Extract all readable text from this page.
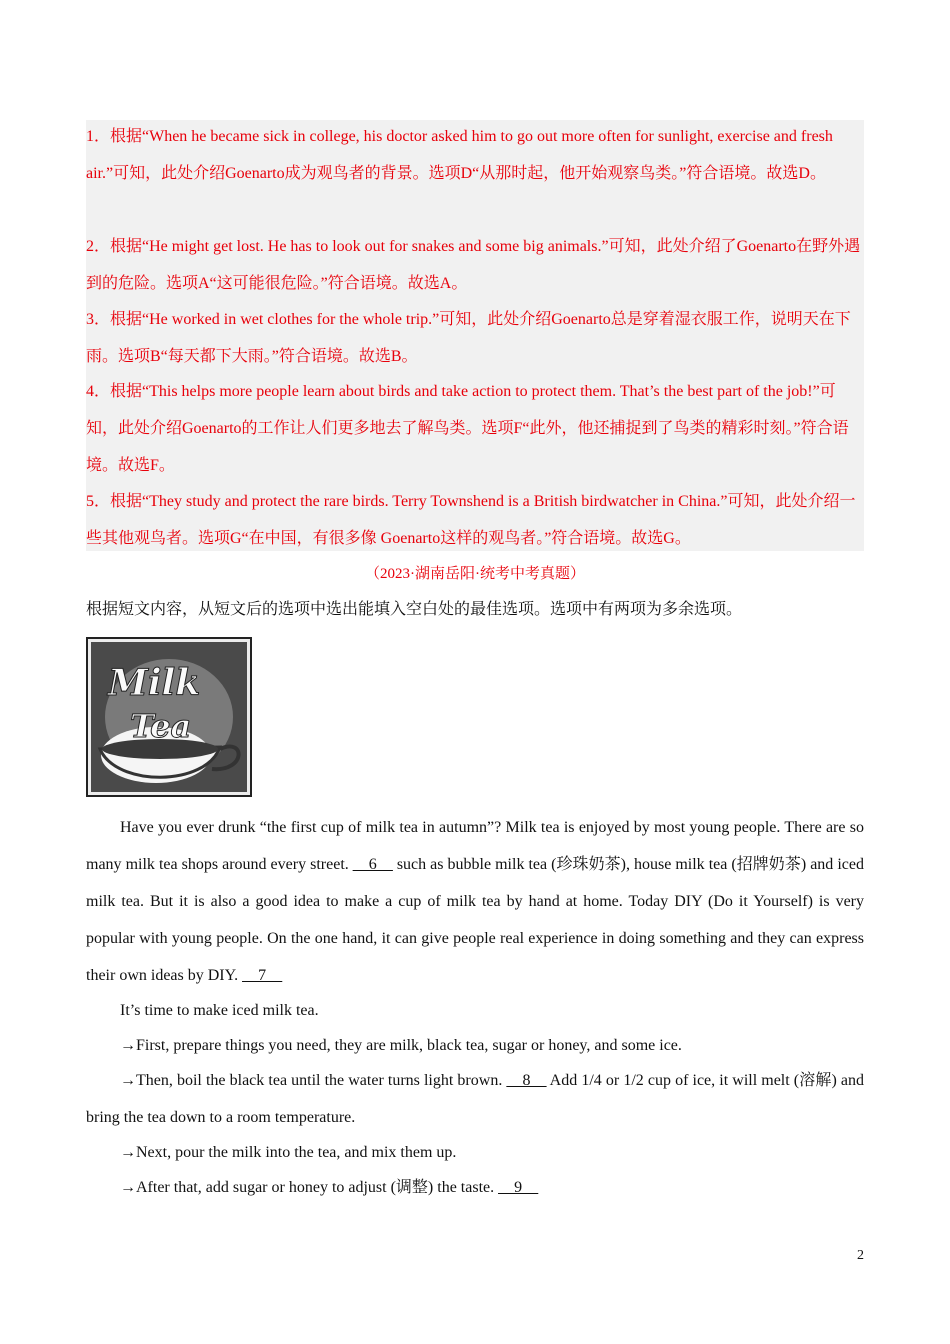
1．根据“When he became sick in college, his doctor asked him to go out more often for sunlight, exercise and fresh air.”可知，此处介绍Goenarto成为观鸟者的背景。选项D“从那时起，他开始观察鸟类。”符合语境。故选D。

2．根据“He might get lost. He has to look out for snakes and some big animals.”可知，此处介绍了Goenarto在野外遇到的危险。选项A“这可能很危险。”符合语境。故选A。

3．根据“He worked in wet clothes for the whole trip.”可知，此处介绍Goenarto总是穿着湿衣服工作，说明天在下雨。选项B“每天都下大雨。”符合语境。故选B。

4．根据“This helps more people learn about birds and take action to protect them. That’s the best part of the job!”可知，此处介绍Goenarto的工作让人们更多地去了解鸟类。选项F“此外，他还捕捉到了鸟类的精彩时刻。”符合语境。故选F。

5．根据“They study and protect the rare birds. Terry Townshend is a British birdwatcher in China.”可知，此处介绍一些其他观鸟者。选项G“在中国，有很多像 Goenarto这样的观鸟者。”符合语境。故选G。

（2023·湖南岳阳·统考中考真题）
根据短文内容，从短文后的选项中选出能填入空白处的最佳选项。选项中有两项为多余选项。
Milk
Tea

Have you ever drunk “the first cup of milk tea in autumn”? Milk tea is enjoyed by most young people. There are so many milk tea shops around every street. __6__ such as bubble milk tea (珍珠奶茶), house milk tea (招牌奶茶) and iced milk tea. But it is also a good idea to make a cup of milk tea by hand at home. Today DIY (Do it Yourself) is very popular with young people. On the one hand, it can give people real experience in doing something and they can express their own ideas by DIY. __7__

It’s time to make iced milk tea.
→First, prepare things you need, they are milk, black tea, sugar or honey, and some ice.

→Then, boil the black tea until the water turns light brown. __8__ Add 1/4 or 1/2 cup of ice, it will melt (溶解) and bring the tea down to a room temperature.

→Next, pour the milk into the tea, and mix them up.
→After that, add sugar or honey to adjust (调整) the taste. __9__
2
